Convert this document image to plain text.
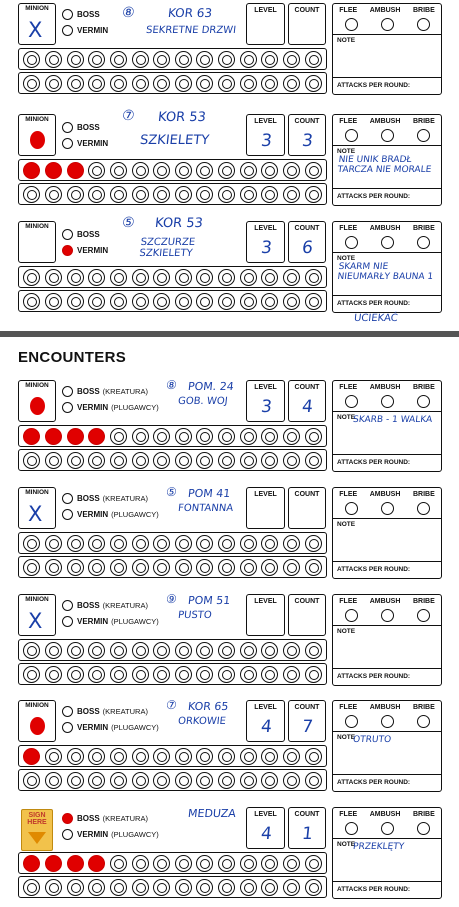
MINION
X
BOSS
VERMIN
⑧	KOR 63
SEKRETNE DRZWI
LEVEL	COUNT	FLEE AMBUSH BRIBE
NOTE
ATTACKS PER ROUND:
MINION
BOSS
VERMIN
⑦ KOR 53
SZKIELETY
LEVEL
3
COUNT
3
FLEE AMBUSH BRIBE
NOTE
NIE UNIK BRADŁ TARCZA NIE MORALE
ATTACKS PER ROUND:
MINION
BOSS
VERMIN
⑤ KOR 53
SZCZURZE SZKIELETY
LEVEL
3
COUNT
6
FLEE AMBUSH BRIBE
NOTE
SKARM NIE NIEUMARŁY BAUNA 1
ATTACKS PER ROUND:
UCIEKAĆ
ENCOUNTERS
MINION
BOSS (KREATURA)
VERMIN (PLUGAWCY)
⑧ POM. 24
GOB. WOJ
LEVEL
3
COUNT
4
FLEE AMBUSH BRIBE
NOTE
SKARB - 1 WALKA
ATTACKS PER ROUND:
MINION
X
BOSS (KREATURA)
VERMIN (PLUGAWCY)
⑤ POM 41
FONTANNA
LEVEL	COUNT	FLEE AMBUSH BRIBE
NOTE
ATTACKS PER ROUND:
MINION
X
BOSS (KREATURA)
VERMIN (PLUGAWCY)
⑨ POM 51
PUSTO
LEVEL	COUNT	FLEE AMBUSH BRIBE
NOTE
ATTACKS PER ROUND:
MINION
BOSS (KREATURA)
VERMIN (PLUGAWCY)
⑦ KOR 65
ORKOWIE
LEVEL
4
COUNT
7
FLEE AMBUSH BRIBE
NOTE
OTRUTO
ATTACKS PER ROUND:
SIGN HERE	BOSS (KREATURA)
VERMIN (PLUGAWCY)
MEDUZA	LEVEL
4
COUNT
1
FLEE AMBUSH BRIBE
NOTE
PRZEKLĘTY
ATTACKS PER ROUND:
